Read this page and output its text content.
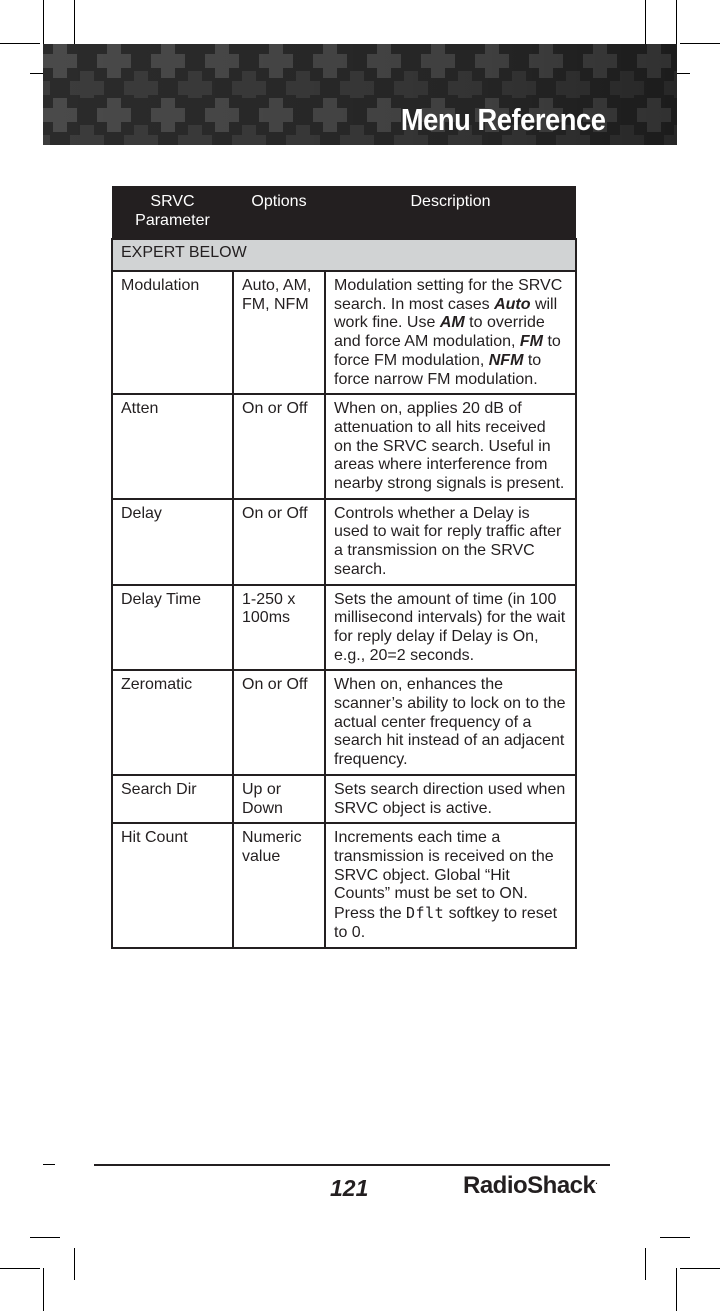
Menu Reference
SRVC Parameter	Options	Description
EXPERT BELOW		
Modulation	Auto, AM, FM, NFM	Modulation setting for the SRVC search. In most cases Auto will work fine. Use AM to override and force AM modulation, FM to force FM modulation, NFM to force narrow FM modulation.
Atten	On or Off	When on, applies 20 dB of attenuation to all hits received on the SRVC search. Useful in areas where interference from nearby strong signals is present.
Delay	On or Off	Controls whether a Delay is used to wait for reply traffic after a transmission on the SRVC search.
Delay Time	1-250 x 100ms	Sets the amount of time (in 100 millisecond intervals) for the wait for reply delay if Delay is On, e.g., 20=2 seconds.
Zeromatic	On or Off	When on, enhances the scanner’s ability to lock on to the actual center frequency of a search hit instead of an adjacent frequency.
Search Dir	Up or Down	Sets search direction used when SRVC object is active.
Hit Count	Numeric value	Increments each time a transmission is received on the SRVC object. Global “Hit Counts” must be set to ON. Press the Dflt softkey to reset to 0.
121	RadioShack.
